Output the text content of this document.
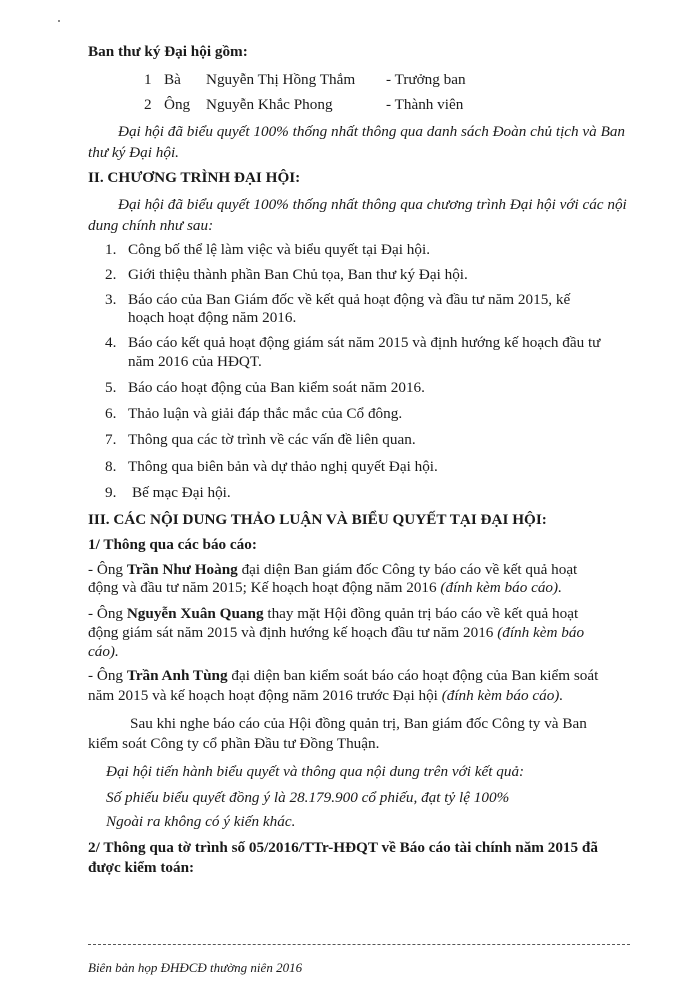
Ban thư ký Đại hội gồm:
1 Bà Nguyễn Thị Hồng Thắm - Trưởng ban
2 Ông Nguyễn Khắc Phong	- Thành viên
Đại hội đã biểu quyết 100% thống nhất thông qua danh sách Đoàn chủ tịch và Ban
thư ký Đại hội.
II. CHƯƠNG TRÌNH ĐẠI HỘI:
Đại hội đã biểu quyết 100% thống nhất thông qua chương trình Đại hội với các nội
dung chính như sau:
1. Công bố thể lệ làm việc và biểu quyết tại Đại hội.
2. Giới thiệu thành phần Ban Chủ tọa, Ban thư ký Đại hội.
3. Báo cáo của Ban Giám đốc về kết quả hoạt động và đầu tư năm 2015, kế
hoạch hoạt động năm 2016.
4. Báo cáo kết quả hoạt động giám sát năm 2015 và định hướng kế hoạch đầu tư
năm 2016 của HĐQT.
5. Báo cáo hoạt động của Ban kiểm soát năm 2016.
6. Thảo luận và giải đáp thắc mắc của Cổ đông.
7. Thông qua các tờ trình về các vấn đề liên quan.
8. Thông qua biên bản và dự thảo nghị quyết Đại hội.
9. Bế mạc Đại hội.
III. CÁC NỘI DUNG THẢO LUẬN VÀ BIỂU QUYẾT TẠI ĐẠI HỘI:
1/ Thông qua các báo cáo:
- Ông Trần Như Hoàng đại diện Ban giám đốc Công ty báo cáo về kết quả hoạt
động và đầu tư năm 2015; Kế hoạch hoạt động năm 2016 (đính kèm báo cáo).
- Ông Nguyễn Xuân Quang thay mặt Hội đồng quản trị báo cáo về kết quả hoạt
động giám sát năm 2015 và định hướng kế hoạch đầu tư năm 2016 (đính kèm báo
cáo).
- Ông Trần Anh Tùng đại diện ban kiểm soát báo cáo hoạt động của Ban kiểm soát
năm 2015 và kế hoạch hoạt động năm 2016 trước Đại hội (đính kèm báo cáo).
Sau khi nghe báo cáo của Hội đồng quản trị, Ban giám đốc Công ty và Ban
kiểm soát Công ty cổ phần Đầu tư Đồng Thuận.
Đại hội tiến hành biểu quyết và thông qua nội dung trên với kết quả:
Số phiếu biểu quyết đồng ý là 28.179.900 cổ phiếu, đạt tỷ lệ 100%
Ngoài ra không có ý kiến khác.
2/ Thông qua tờ trình số 05/2016/TTr-HĐQT về Báo cáo tài chính năm 2015 đã
được kiểm toán:
Biên bản họp ĐHĐCĐ thường niên 2016
